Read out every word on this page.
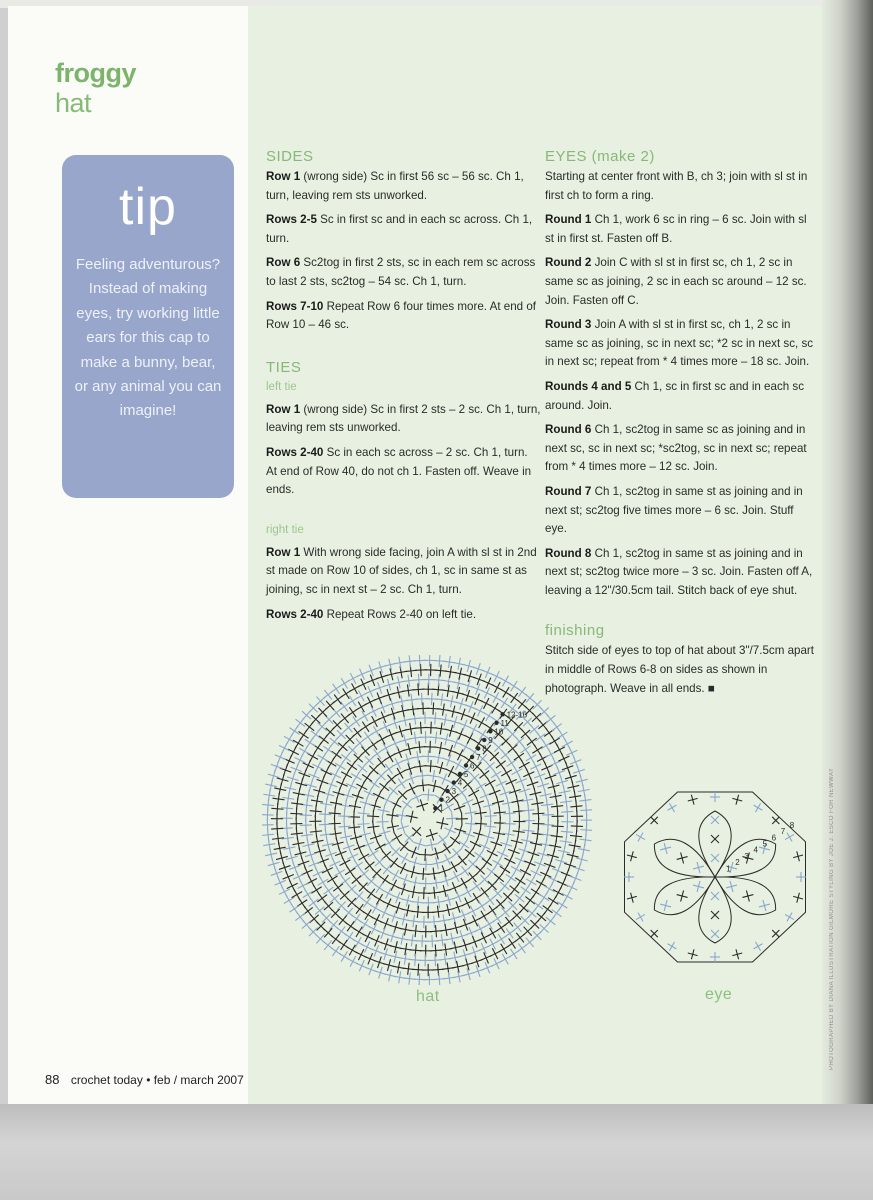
froggy
hat
tip
Feeling adventurous? Instead of making eyes, try working little ears for this cap to make a bunny, bear, or any animal you can imagine!
SIDES

Row 1 (wrong side) Sc in first 56 sc – 56 sc. Ch 1, turn, leaving rem sts unworked.

Rows 2-5 Sc in first sc and in each sc across. Ch 1, turn.

Row 6 Sc2tog in first 2 sts, sc in each rem sc across to last 2 sts, sc2tog – 54 sc. Ch 1, turn.

Rows 7-10 Repeat Row 6 four times more. At end of Row 10 – 46 sc.

TIES
left tie

Row 1 (wrong side) Sc in first 2 sts – 2 sc. Ch 1, turn, leaving rem sts unworked.

Rows 2-40 Sc in each sc across – 2 sc. Ch 1, turn. At end of Row 40, do not ch 1. Fasten off. Weave in ends.

right tie

Row 1 With wrong side facing, join A with sl st in 2nd st made on Row 10 of sides, ch 1, sc in same st as joining, sc in next st – 2 sc. Ch 1, turn.

Rows 2-40 Repeat Rows 2-40 on left tie.

EYES (make 2)

Starting at center front with B, ch 3; join with sl st in first ch to form a ring.

Round 1 Ch 1, work 6 sc in ring – 6 sc. Join with sl st in first st. Fasten off B.

Round 2 Join C with sl st in first sc, ch 1, 2 sc in same sc as joining, 2 sc in each sc around – 12 sc. Join. Fasten off C.

Round 3 Join A with sl st in first sc, ch 1, 2 sc in same sc as joining, sc in next sc; *2 sc in next sc, sc in next sc; repeat from * 4 times more – 18 sc. Join.

Rounds 4 and 5 Ch 1, sc in first sc and in each sc around. Join.

Round 6 Ch 1, sc2tog in same sc as joining and in next sc, sc in next sc; *sc2tog, sc in next sc; repeat from * 4 times more – 12 sc. Join.

Round 7 Ch 1, sc2tog in same st as joining and in next st; sc2tog five times more – 6 sc. Join. Stuff eye.

Round 8 Ch 1, sc2tog in same st as joining and in next st; sc2tog twice more – 3 sc. Join. Fasten off A, leaving a 12"/30.5cm tail. Stitch back of eye shut.

finishing

Stitch side of eyes to top of hat about 3"/7.5cm apart in middle of Rows 6-8 on sides as shown in photograph. Weave in all ends. ■

1
2
3
4
5
6
7
8
9
10
11
12-16
1
2
3
4
5
6
7
8
hat	eye
88 crochet today • feb / march 2007
PHOTOGRAPHED BY DIANA ILLUSTRATION GILMORE STYLING BY JOE J. ESCO FOR NEWWAY
